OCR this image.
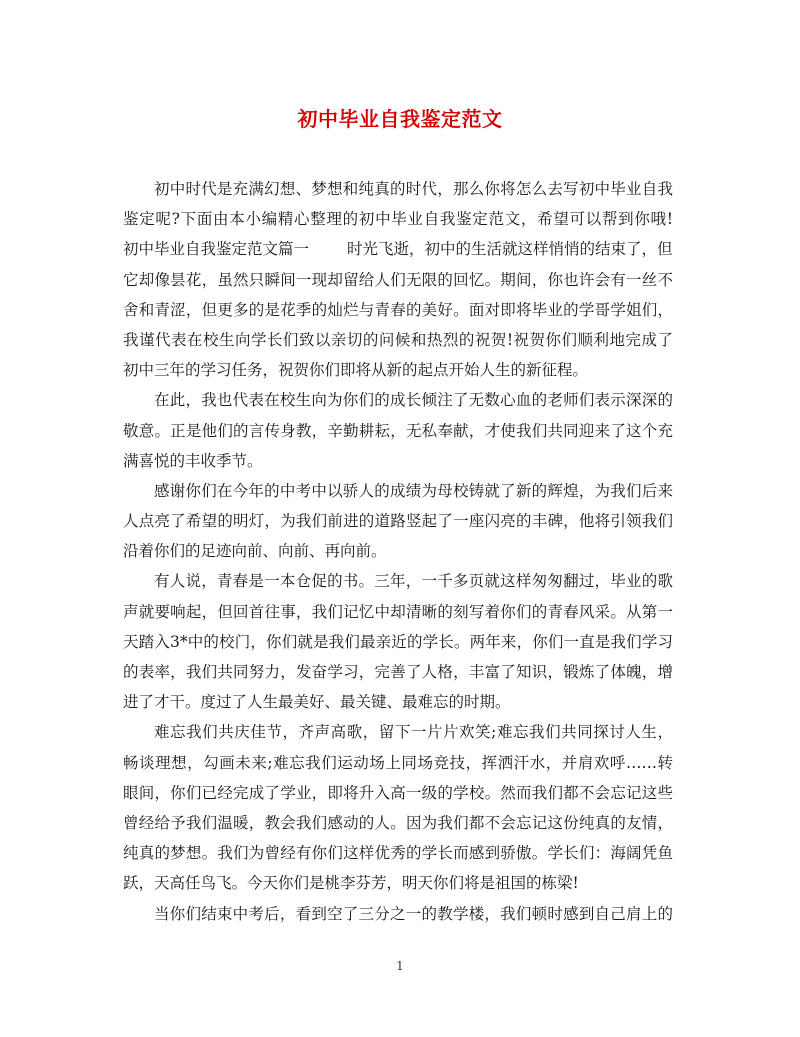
初中毕业自我鉴定范文
初中时代是充满幻想、梦想和纯真的时代，那么你将怎么去写初中毕业自我
鉴定呢?下面由本小编精心整理的初中毕业自我鉴定范文，希望可以帮到你哦!
初中毕业自我鉴定范文篇一 时光飞逝，初中的生活就这样悄悄的结束了，但
它却像昙花，虽然只瞬间一现却留给人们无限的回忆。期间，你也许会有一丝不
舍和青涩，但更多的是花季的灿烂与青春的美好。面对即将毕业的学哥学姐们，
我谨代表在校生向学长们致以亲切的问候和热烈的祝贺!祝贺你们顺利地完成了
初中三年的学习任务，祝贺你们即将从新的起点开始人生的新征程。
在此，我也代表在校生向为你们的成长倾注了无数心血的老师们表示深深的
敬意。正是他们的言传身教，辛勤耕耘，无私奉献，才使我们共同迎来了这个充
满喜悦的丰收季节。
感谢你们在今年的中考中以骄人的成绩为母校铸就了新的辉煌，为我们后来
人点亮了希望的明灯，为我们前进的道路竖起了一座闪亮的丰碑，他将引领我们
沿着你们的足迹向前、向前、再向前。
有人说，青春是一本仓促的书。三年，一千多页就这样匆匆翻过，毕业的歌
声就要响起，但回首往事，我们记忆中却清晰的刻写着你们的青春风采。从第一
天踏入3*中的校门，你们就是我们最亲近的学长。两年来，你们一直是我们学习
的表率，我们共同努力，发奋学习，完善了人格，丰富了知识，锻炼了体魄，增
进了才干。度过了人生最美好、最关键、最难忘的时期。
难忘我们共庆佳节，齐声高歌，留下一片片欢笑;难忘我们共同探讨人生，
畅谈理想，勾画未来;难忘我们运动场上同场竞技，挥洒汗水，并肩欢呼……转
眼间，你们已经完成了学业，即将升入高一级的学校。然而我们都不会忘记这些
曾经给予我们温暖，教会我们感动的人。因为我们都不会忘记这份纯真的友情，
纯真的梦想。我们为曾经有你们这样优秀的学长而感到骄傲。学长们：海阔凭鱼
跃，天高任鸟飞。今天你们是桃李芬芳，明天你们将是祖国的栋梁!
当你们结束中考后，看到空了三分之一的教学楼，我们顿时感到自己肩上的
1
